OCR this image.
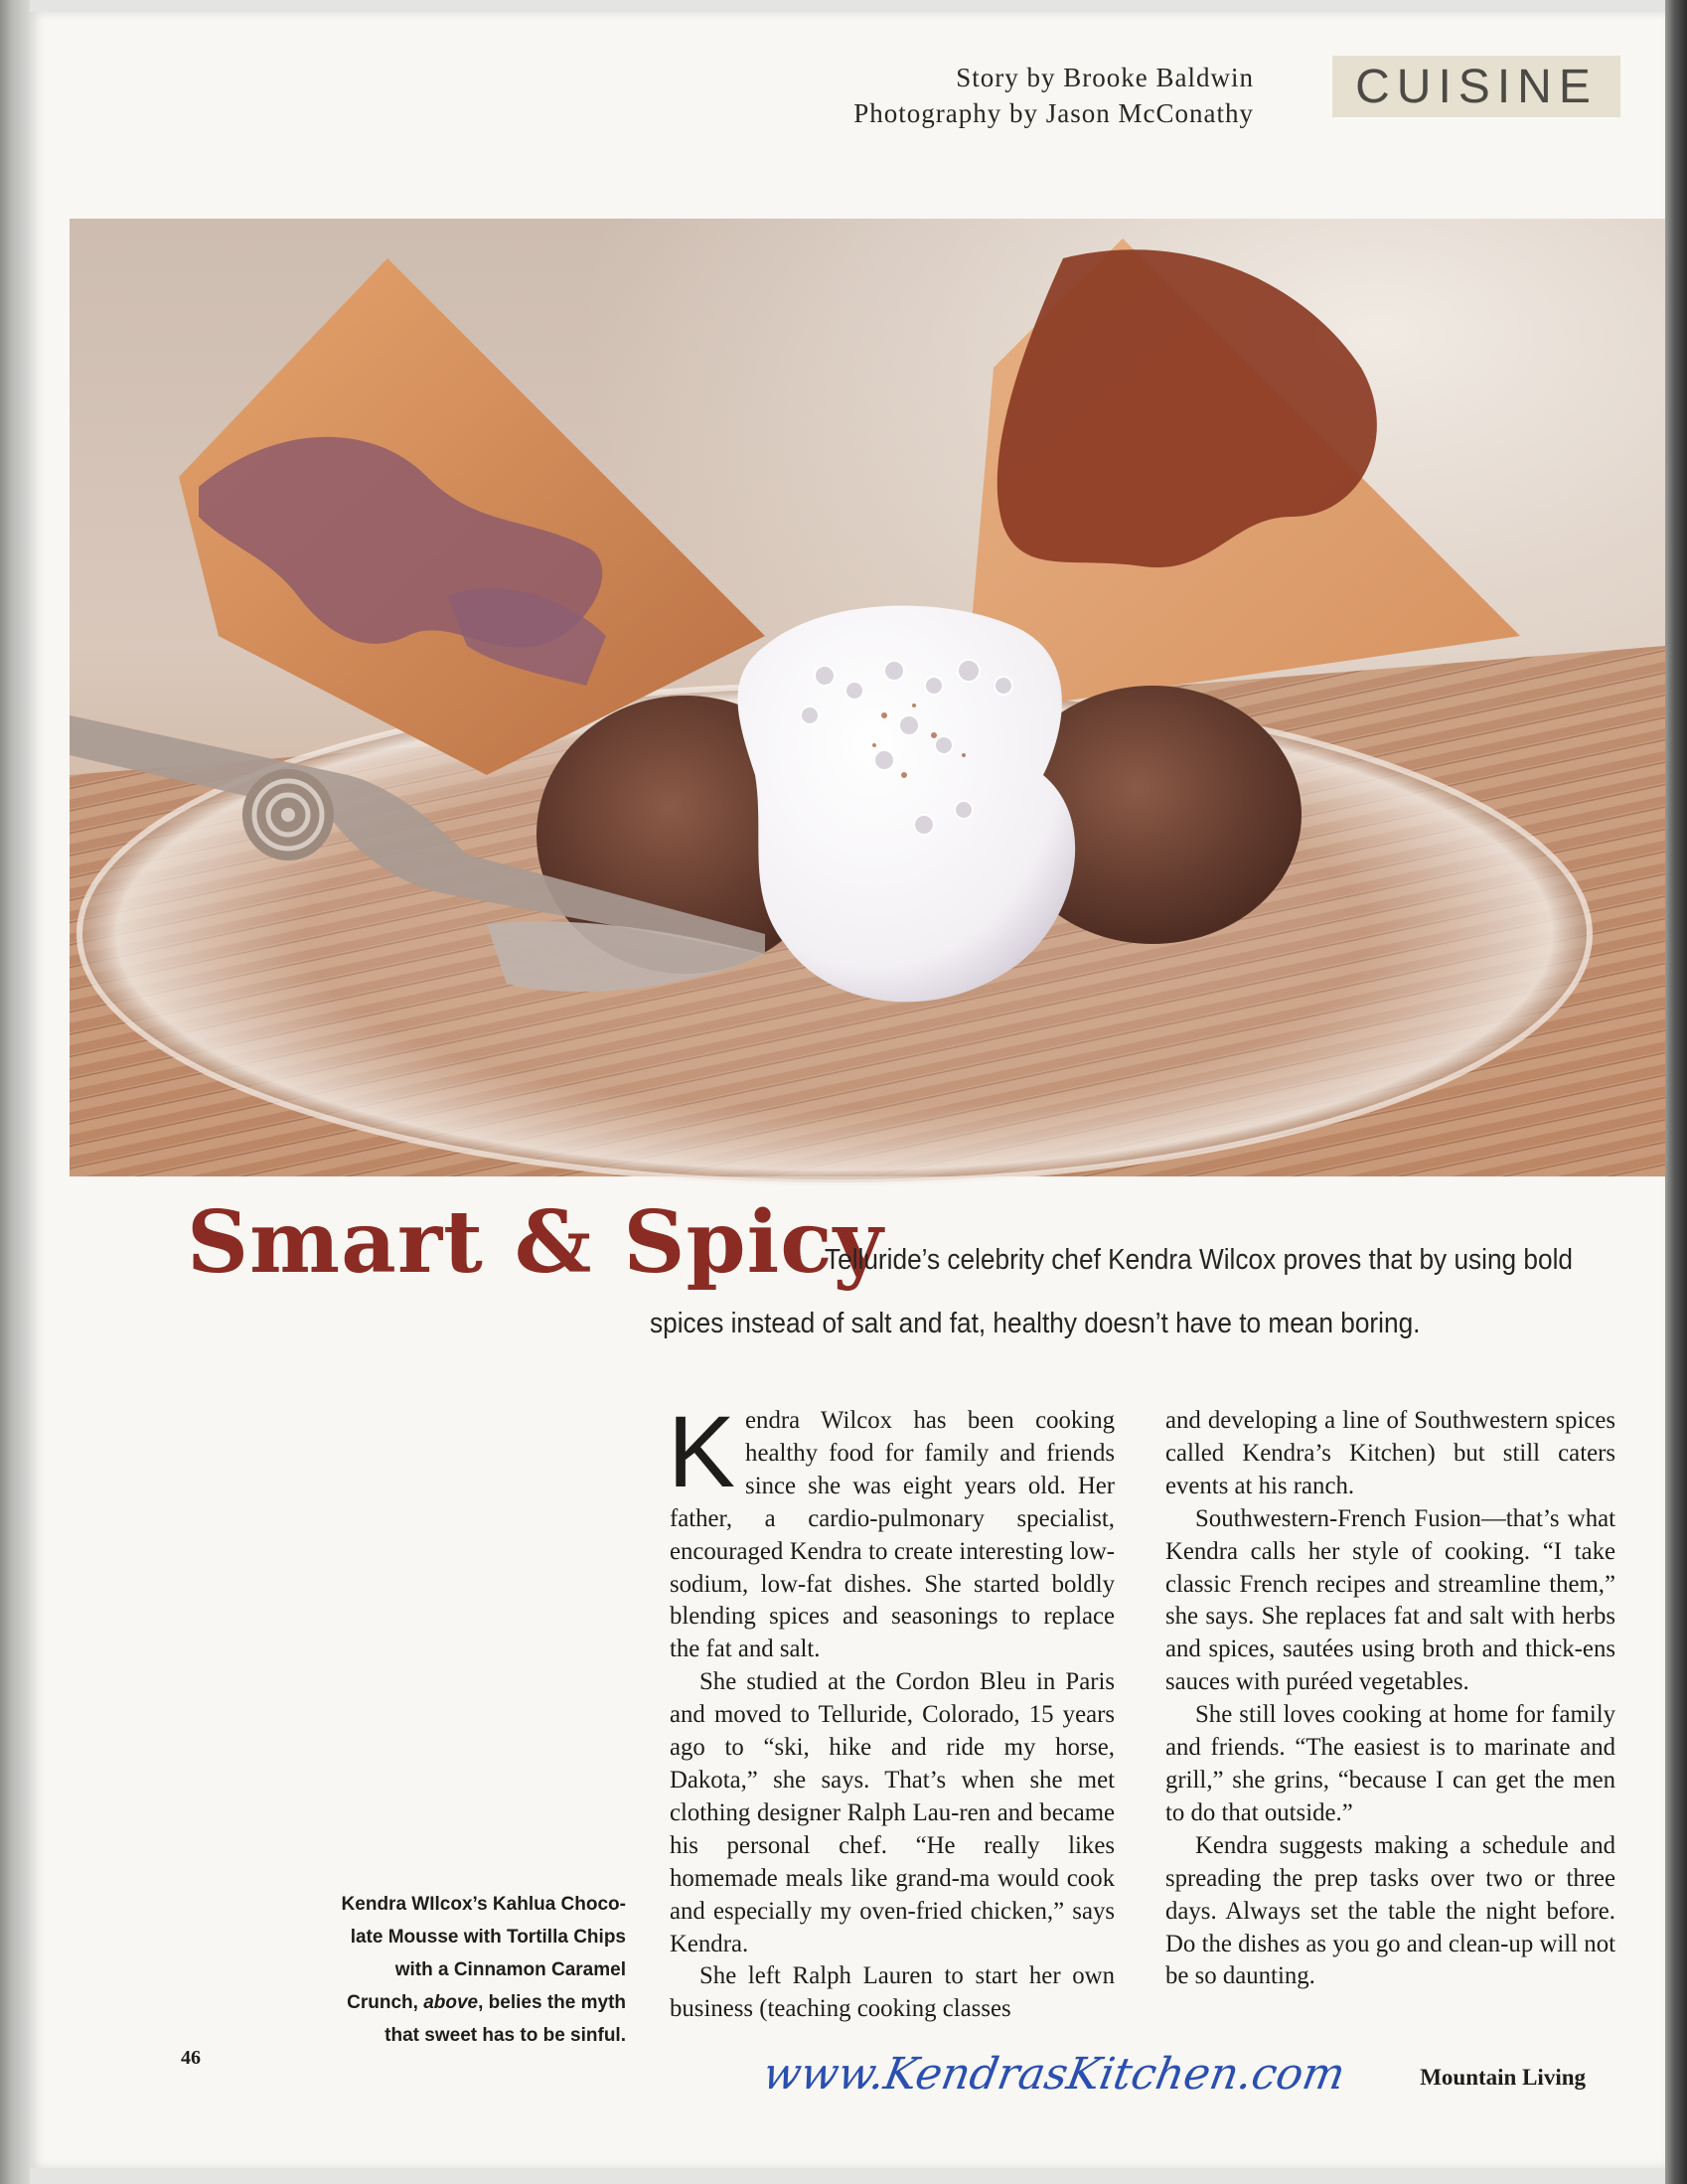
Story by Brooke Baldwin
Photography by Jason McConathy
CUISINE
Smart & Spicy
Telluride’s celebrity chef Kendra Wilcox proves that by using bold
spices instead of salt and fat, healthy doesn’t have to mean boring.
Kendra WIlcox’s Kahlua Choco-late Mousse with Tortilla Chips with a Cinnamon Caramel Crunch, above, belies the myth that sweet has to be sinful.

Kendra Wilcox has been cooking healthy food for family and friends since she was eight years old. Her father, a cardio-pulmonary specialist, encouraged Kendra to create interesting low-sodium, low-fat dishes. She started boldly blending spices and seasonings to replace the fat and salt.

She studied at the Cordon Bleu in Paris and moved to Telluride, Colorado, 15 years ago to “ski, hike and ride my horse, Dakota,” she says. That’s when she met clothing designer Ralph Lau-ren and became his personal chef. “He really likes homemade meals like grand-ma would cook and especially my oven-fried chicken,” says Kendra.

She left Ralph Lauren to start her own business (teaching cooking classes

and developing a line of Southwestern spices called Kendra’s Kitchen) but still caters events at his ranch.

Southwestern-French Fusion—that’s what Kendra calls her style of cooking. “I take classic French recipes and streamline them,” she says. She replaces fat and salt with herbs and spices, sautées using broth and thick-ens sauces with puréed vegetables.

She still loves cooking at home for family and friends. “The easiest is to marinate and grill,” she grins, “because I can get the men to do that outside.”

Kendra suggests making a schedule and spreading the prep tasks over two or three days. Always set the table the night before. Do the dishes as you go and clean-up will not be so daunting.

46	www.KendrasKitchen.com	Mountain Living
